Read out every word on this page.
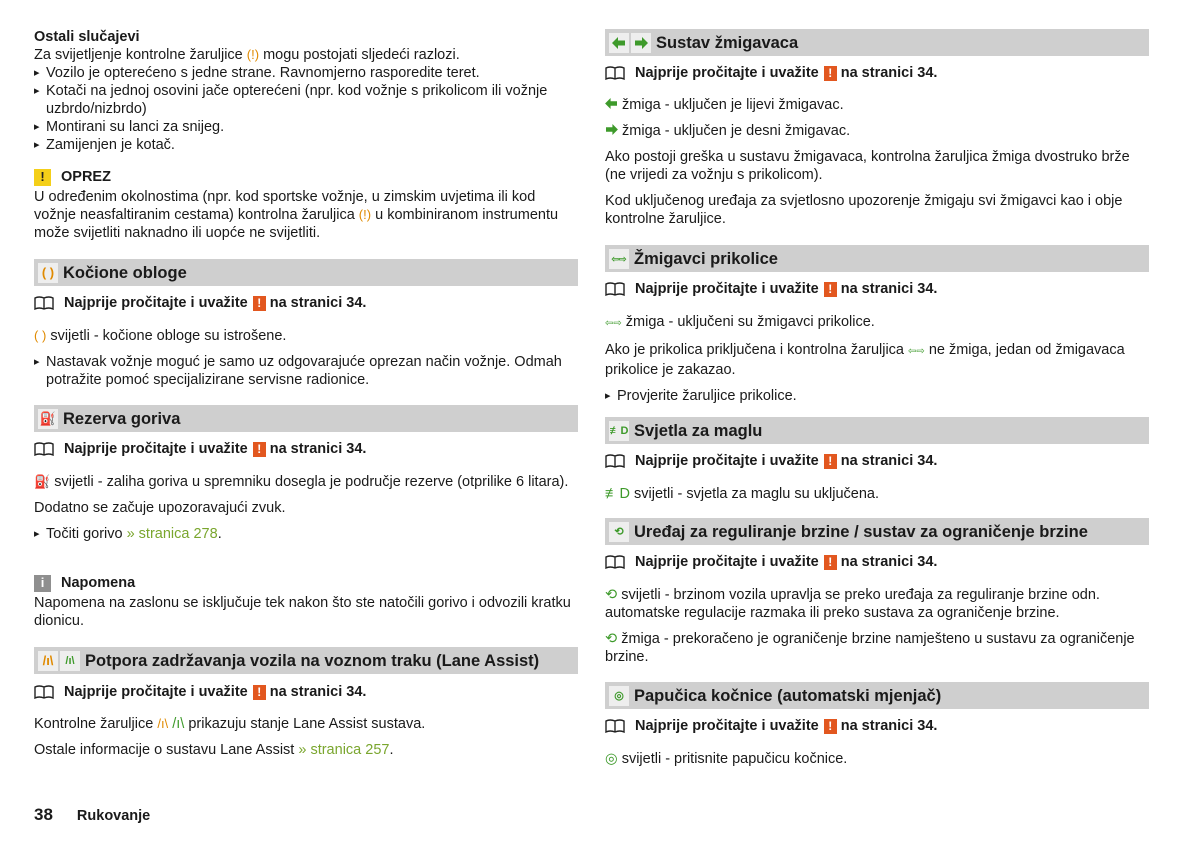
Ostali slučajevi

Za svijetljenje kontrolne žaruljice (!) mogu postojati sljedeći razlozi.

▸ Vozilo je opterećeno s jedne strane. Ravnomjerno rasporedite teret.

▸ Kotači na jednoj osovini jače opterećeni (npr. kod vožnje s prikolicom ili vožnje uzbrdo/nizbrdo)

▸ Montirani su lanci za snijeg.

▸ Zamijenjen je kotač.

!	OPREZ

U određenim okolnostima (npr. kod sportske vožnje, u zimskim uvjetima ili kod vožnje neasfaltiranim cestama) kontrolna žaruljica (!) u kombiniranom instrumentu može svijetliti naknadno ili uopće ne svijetliti.

( ) Kočione obloge
Najprije pročitajte i uvažite ! na stranici 34.

( ) svijetli - kočione obloge su istrošene.

▸ Nastavak vožnje moguć je samo uz odgovarajuće oprezan način vožnje. Odmah potražite pomoć specijalizirane servisne radionice.

⛽ Rezerva goriva
Najprije pročitajte i uvažite ! na stranici 34.

⛽ svijetli - zaliha goriva u spremniku dosegla je područje rezerve (otprilike 6 litara).

Dodatno se začuje upozoravajući zvuk.

▸ Točiti gorivo » stranica 278.

i	Napomena

Napomena na zaslonu se isključuje tek nakon što ste natočili gorivo i odvozili kratku dionicu.

/ı\	/ı\ Potpora zadržavanja vozila na voznom traku (Lane Assist)
Najprije pročitajte i uvažite ! na stranici 34.

Kontrolne žaruljice /ı\ /ı\ prikazuju stanje Lane Assist sustava.

Ostale informacije o sustavu Lane Assist » stranica 257.

Sustav žmigavaca
Najprije pročitajte i uvažite ! na stranici 34.

žmiga - uključen je lijevi žmigavac.

žmiga - uključen je desni žmigavac.

Ako postoji greška u sustavu žmigavaca, kontrolna žaruljica žmiga dvostruko brže (ne vrijedi za vožnju s prikolicom).

Kod uključenog uređaja za svjetlosno upozorenje žmigaju svi žmigavci kao i obje kontrolne žaruljice.

⇦⇨ Žmigavci prikolice
Najprije pročitajte i uvažite ! na stranici 34.

⇦⇨ žmiga - uključeni su žmigavci prikolice.

Ako je prikolica priključena i kontrolna žaruljica ⇦⇨ ne žmiga, jedan od žmigavaca prikolice je zakazao.

▸ Provjerite žaruljice prikolice.

≢D Svjetla za maglu
Najprije pročitajte i uvažite ! na stranici 34.

≢D svijetli - svjetla za maglu su uključena.

⟲ Uređaj za reguliranje brzine / sustav za ograničenje brzine
Najprije pročitajte i uvažite ! na stranici 34.

⟲ svijetli - brzinom vozila upravlja se preko uređaja za reguliranje brzine odn. automatske regulacije razmaka ili preko sustava za ograničenje brzine.

⟲ žmiga - prekoračeno je ograničenje brzine namješteno u sustavu za ograničenje brzine.

◎ Papučica kočnice (automatski mjenjač)
Najprije pročitajte i uvažite ! na stranici 34.

◎ svijetli - pritisnite papučicu kočnice.

38 Rukovanje
